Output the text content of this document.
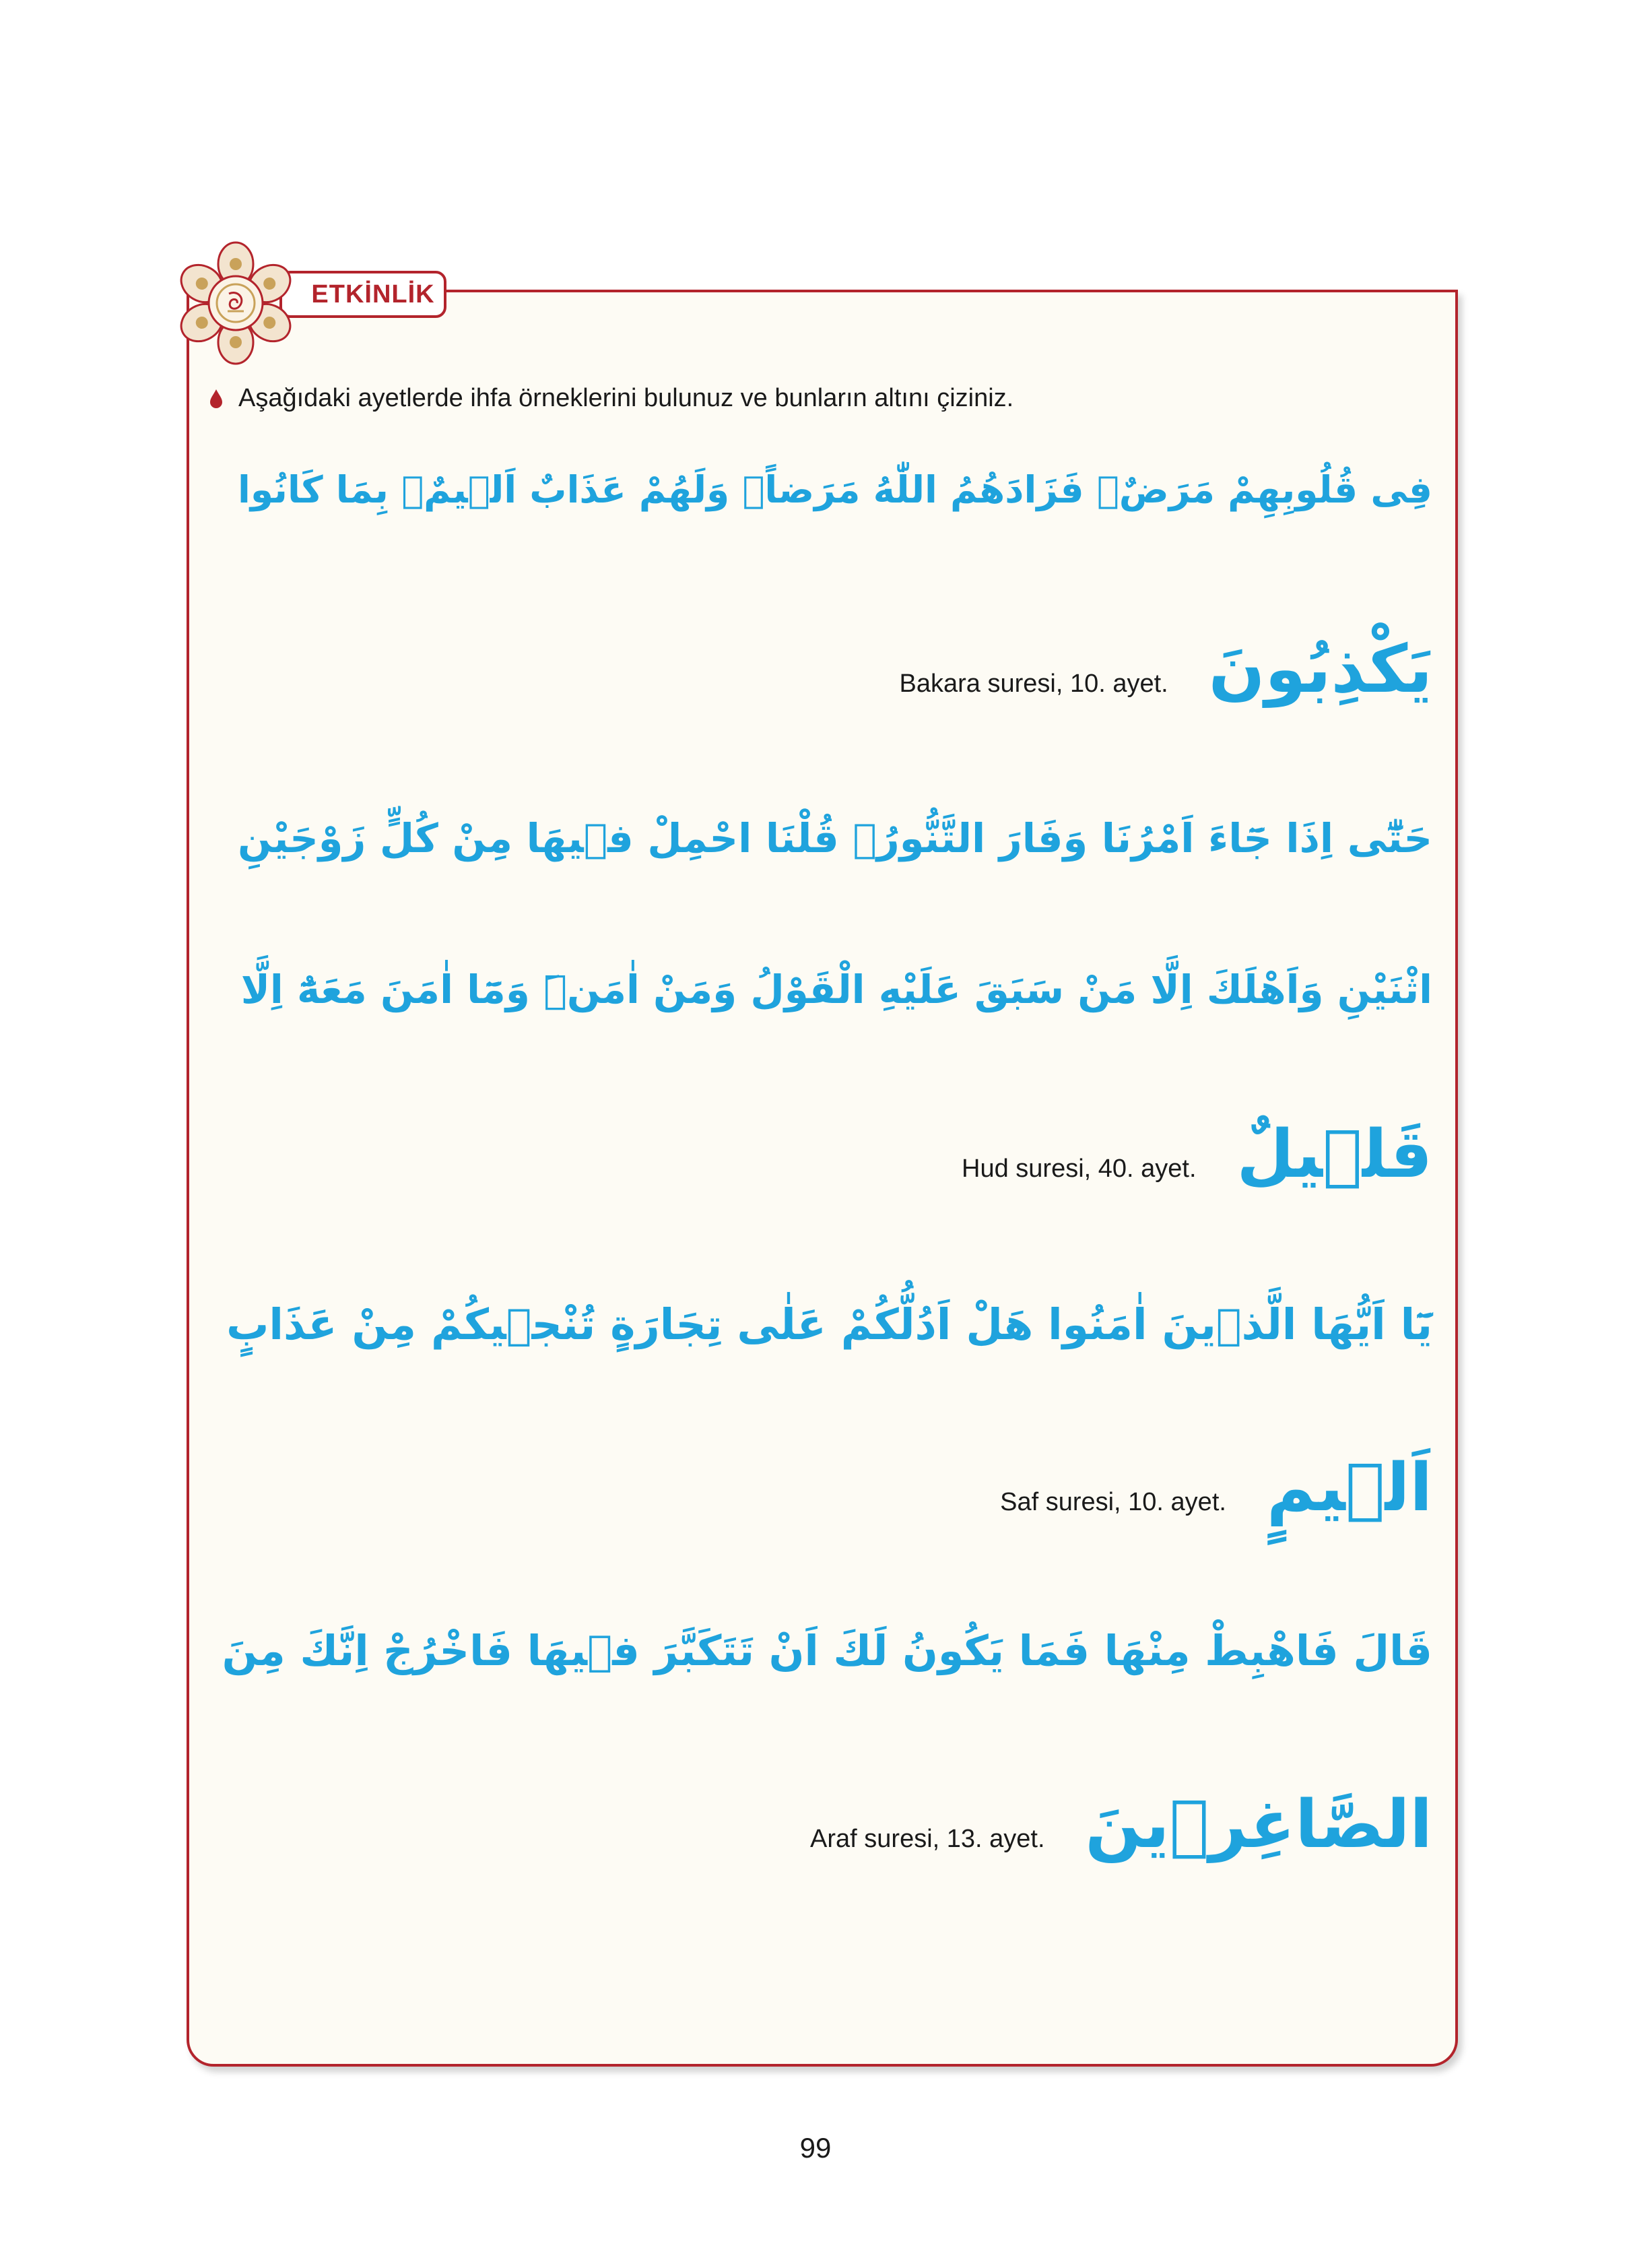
ETKİNLİK
Aşağıdaki ayetlerde ihfa örneklerini bulunuz ve bunların altını çiziniz.
فِى قُلُوبِهِمْ مَرَضٌۙ فَزَادَهُمُ اللّٰهُ مَرَضاًۚ وَلَهُمْ عَذَابٌ اَل۪يمٌۙ بِمَا كَانُوا
Bakara suresi, 10. ayet. يَكْذِبُونَ
حَتّٰٓى اِذَا جَٓاءَ اَمْرُنَا وَفَارَ التَّنُّورُۙ قُلْنَا احْمِلْ ف۪يهَا مِنْ كُلٍّ زَوْجَيْنِ
اثْنَيْنِ وَاَهْلَكَ اِلَّا مَنْ سَبَقَ عَلَيْهِ الْقَوْلُ وَمَنْ اٰمَنَۜ وَمَٓا اٰمَنَ مَعَهُٓ اِلَّا
Hud suresi, 40. ayet. قَل۪يلٌ
يَٓا اَيُّهَا الَّذ۪ينَ اٰمَنُوا هَلْ اَدُلُّكُمْ عَلٰى تِجَارَةٍ تُنْج۪يكُمْ مِنْ عَذَابٍ
Saf suresi, 10. ayet. اَل۪يمٍ
قَالَ فَاهْبِطْ مِنْهَا فَمَا يَكُونُ لَكَ اَنْ تَتَكَبَّرَ ف۪يهَا فَاخْرُجْ اِنَّكَ مِنَ
Araf suresi, 13. ayet. الصَّاغِر۪ينَ
99
